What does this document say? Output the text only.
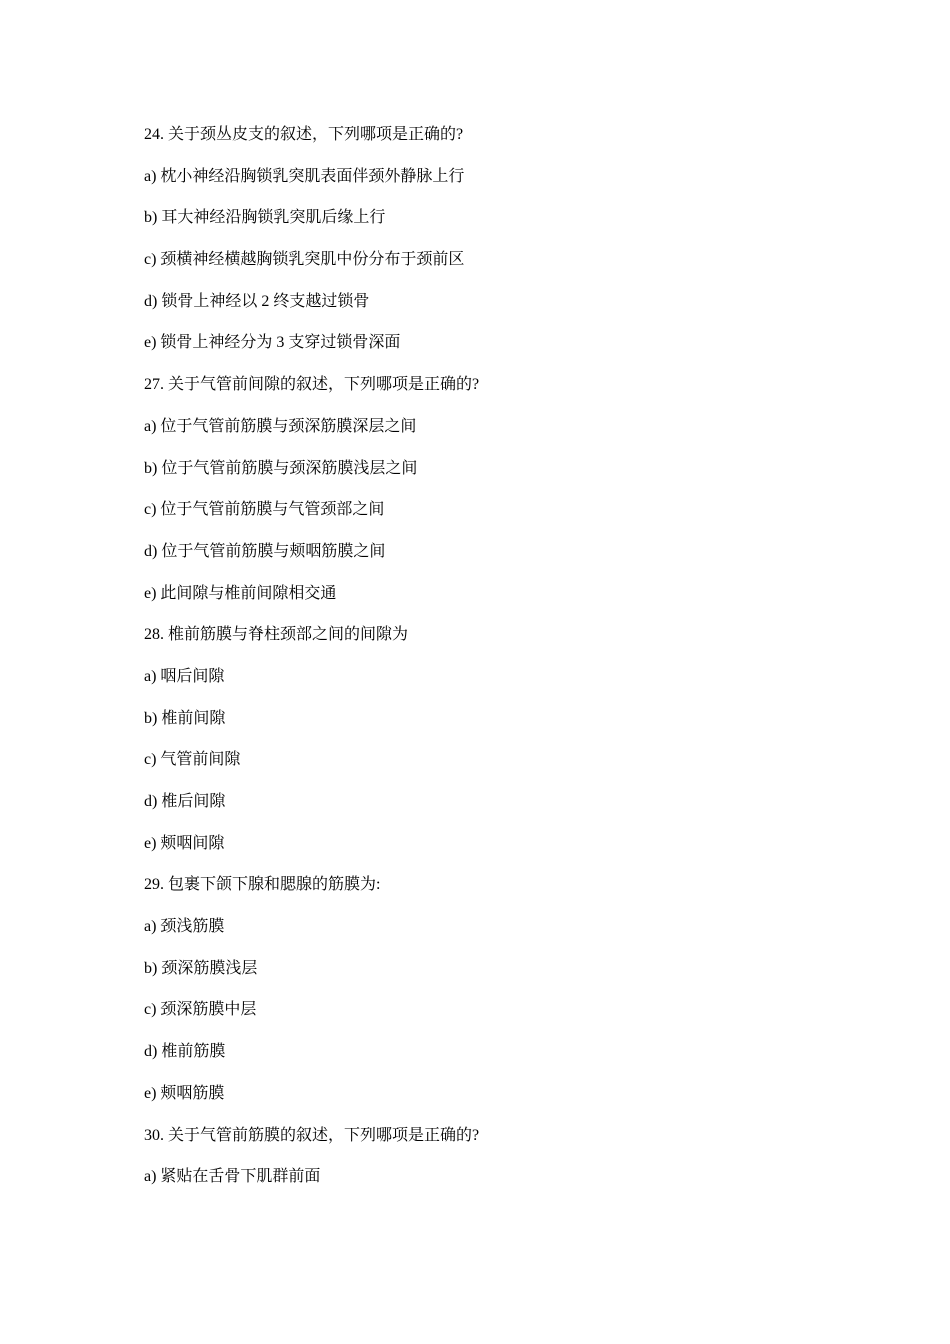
24. 关于颈丛皮支的叙述，下列哪项是正确的?
a) 枕小神经沿胸锁乳突肌表面伴颈外静脉上行
b) 耳大神经沿胸锁乳突肌后缘上行
c) 颈横神经横越胸锁乳突肌中份分布于颈前区
d) 锁骨上神经以 2 终支越过锁骨
e) 锁骨上神经分为 3 支穿过锁骨深面
27. 关于气管前间隙的叙述，下列哪项是正确的?
a) 位于气管前筋膜与颈深筋膜深层之间
b) 位于气管前筋膜与颈深筋膜浅层之间
c) 位于气管前筋膜与气管颈部之间
d) 位于气管前筋膜与颊咽筋膜之间
e) 此间隙与椎前间隙相交通
28. 椎前筋膜与脊柱颈部之间的间隙为
a) 咽后间隙
b) 椎前间隙
c) 气管前间隙
d) 椎后间隙
e) 颊咽间隙
29. 包裹下颌下腺和腮腺的筋膜为:
a) 颈浅筋膜
b) 颈深筋膜浅层
c) 颈深筋膜中层
d) 椎前筋膜
e) 颊咽筋膜
30. 关于气管前筋膜的叙述，下列哪项是正确的?
a) 紧贴在舌骨下肌群前面
